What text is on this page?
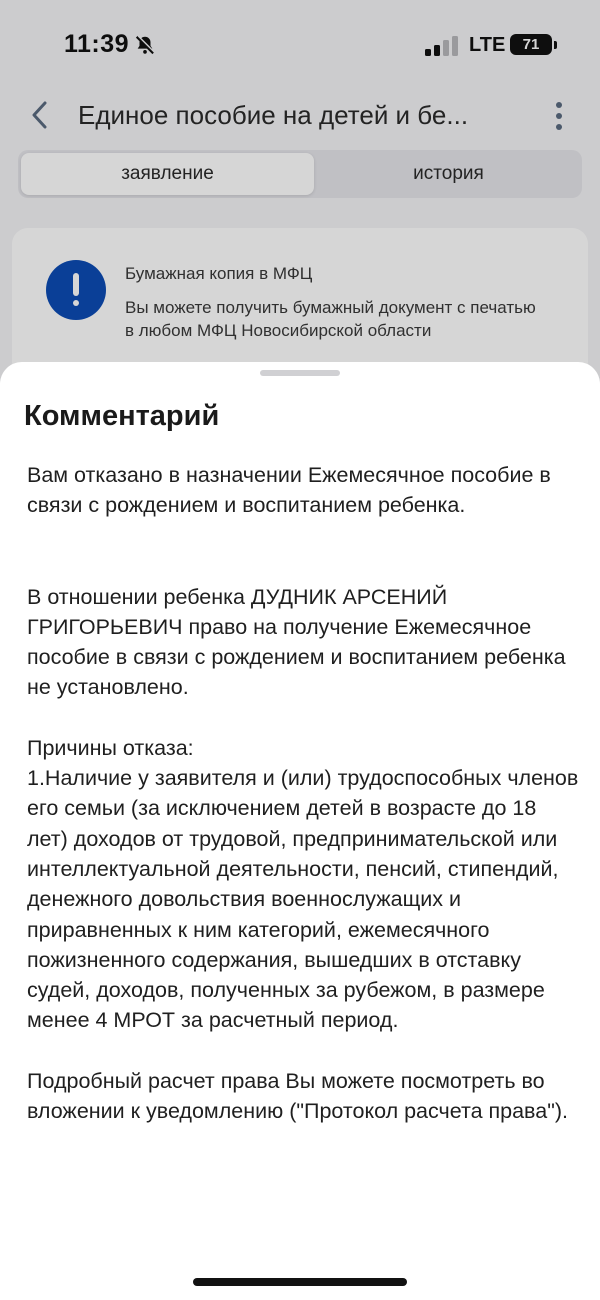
11:39	LTE	71
Единое пособие на детей и бе...
заявление	история
Бумажная копия в МФЦ
Вы можете получить бумажный документ с печатью в любом МФЦ Новосибирской области
Комментарий

Вам отказано в назначении Ежемесячное пособие в связи с рождением и воспитанием ребенка.

В отношении ребенка ДУДНИК АРСЕНИЙ ГРИГОРЬЕВИЧ право на получение Ежемесячное пособие в связи с рождением и воспитанием ребенка не установлено.

Причины отказа:

1.Наличие у заявителя и (или) трудоспособных членов его семьи (за исключением детей в возрасте до 18 лет) доходов от трудовой, предпринимательской или интеллектуальной деятельности, пенсий, стипендий, денежного довольствия военнослужащих и приравненных к ним категорий, ежемесячного пожизненного содержания, вышедших в отставку судей, доходов, полученных за рубежом, в размере менее 4 МРОТ за расчетный период.

Подробный расчет права Вы можете посмотреть во вложении к уведомлению ("Протокол расчета права").
